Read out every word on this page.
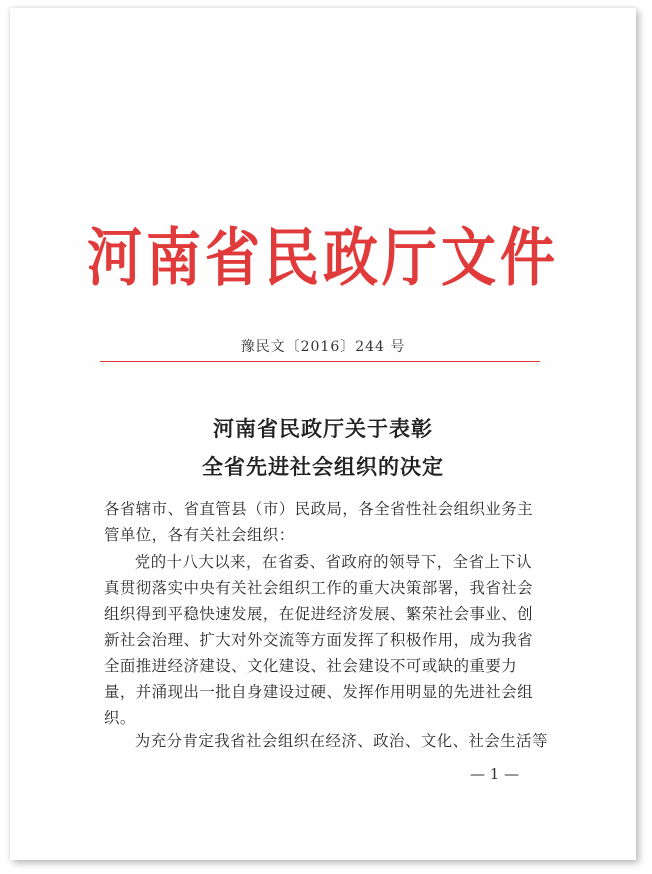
河南省民政厅文件
豫民文〔2016〕244 号
河南省民政厅关于表彰
全省先进社会组织的决定
各省辖市、省直管县（市）民政局，各全省性社会组织业务主管单位，各有关社会组织：
党的十八大以来，在省委、省政府的领导下，全省上下认真贯彻落实中央有关社会组织工作的重大决策部署，我省社会组织得到平稳快速发展，在促进经济发展、繁荣社会事业、创新社会治理、扩大对外交流等方面发挥了积极作用，成为我省全面推进经济建设、文化建设、社会建设不可或缺的重要力量，并涌现出一批自身建设过硬、发挥作用明显的先进社会组织。
为充分肯定我省社会组织在经济、政治、文化、社会生活等
— 1 —
